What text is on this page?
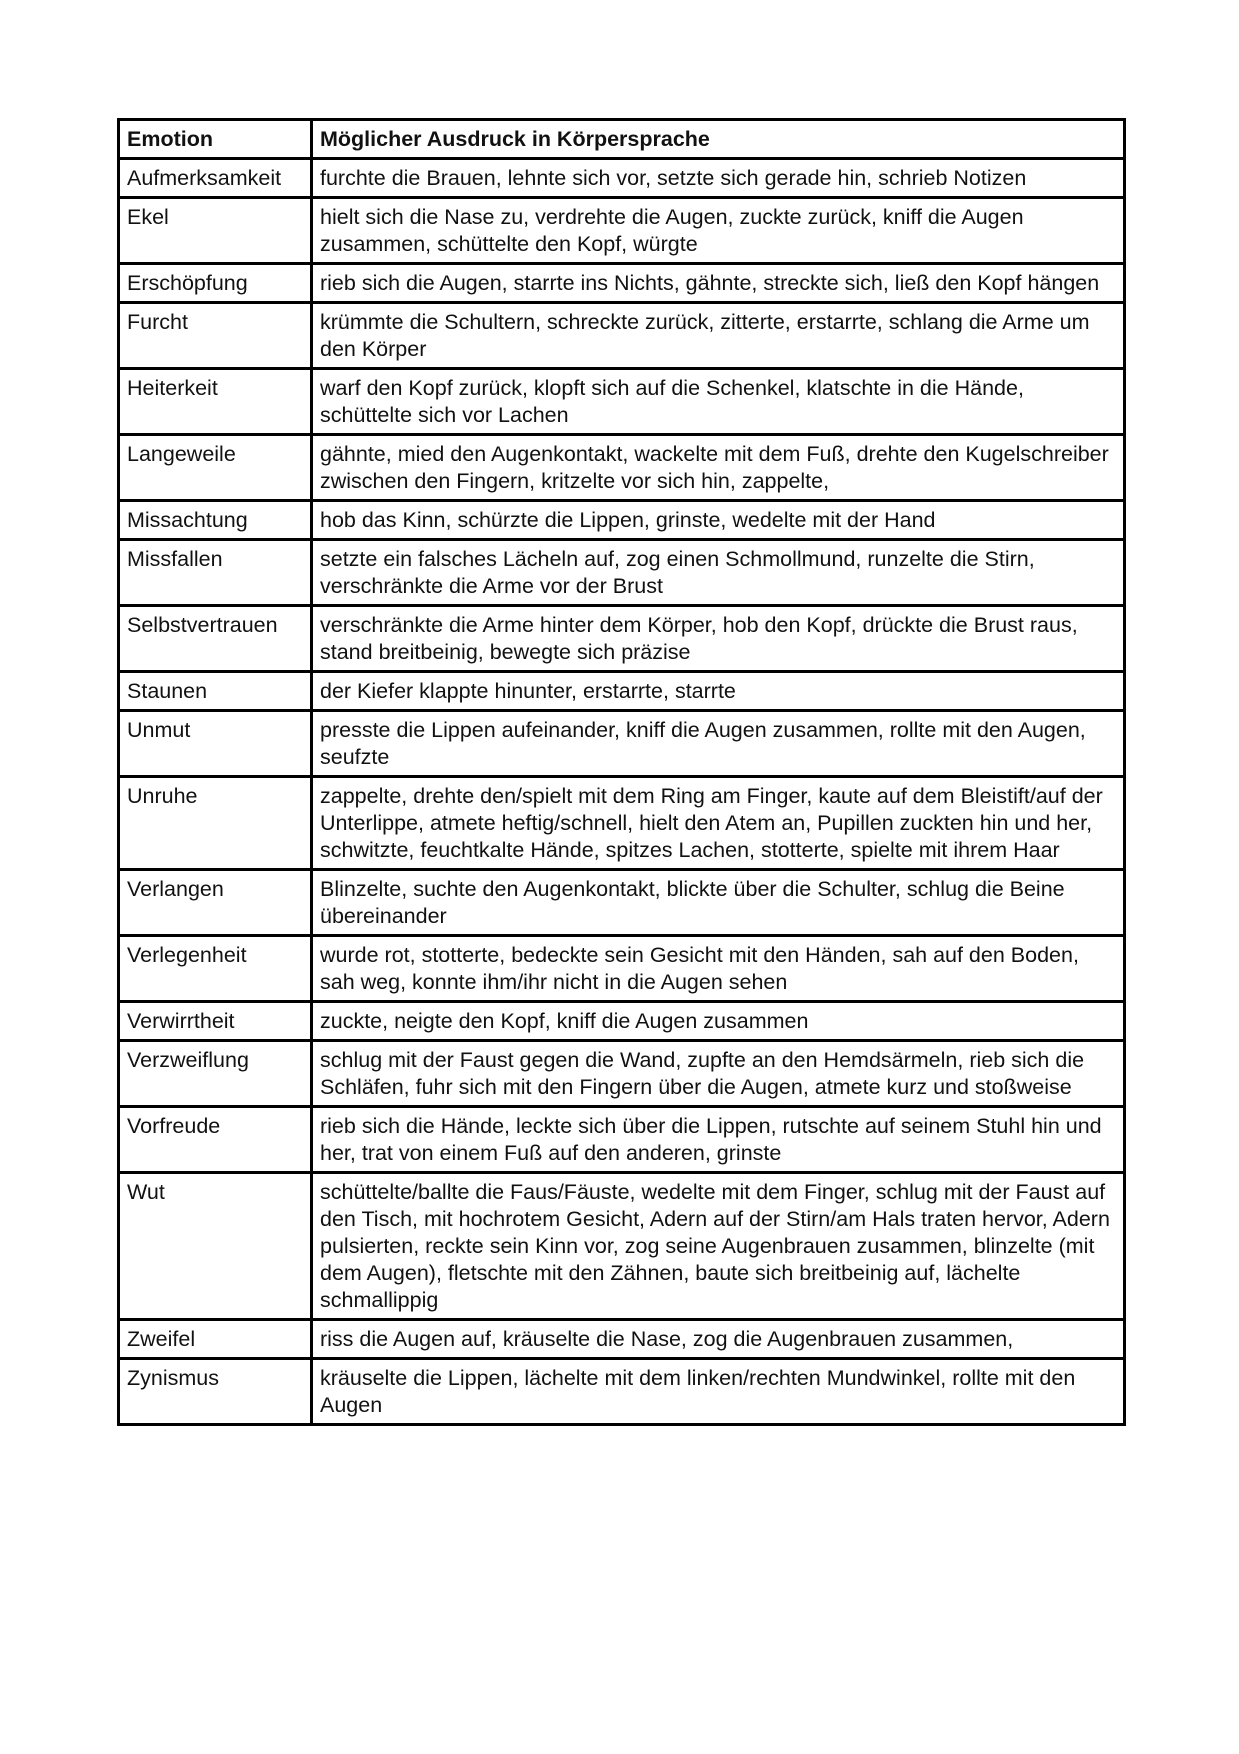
Emotion	Möglicher Ausdruck in Körpersprache
Aufmerksamkeit	furchte die Brauen, lehnte sich vor, setzte sich gerade hin, schrieb Notizen
Ekel	hielt sich die Nase zu, verdrehte die Augen, zuckte zurück, kniff die Augen zusammen, schüttelte den Kopf, würgte
Erschöpfung	rieb sich die Augen, starrte ins Nichts, gähnte, streckte sich, ließ den Kopf hängen
Furcht	krümmte die Schultern, schreckte zurück, zitterte, erstarrte, schlang die Arme um den Körper
Heiterkeit	warf den Kopf zurück, klopft sich auf die Schenkel, klatschte in die Hände, schüttelte sich vor Lachen
Langeweile	gähnte, mied den Augenkontakt, wackelte mit dem Fuß, drehte den Kugelschreiber zwischen den Fingern, kritzelte vor sich hin, zappelte,
Missachtung	hob das Kinn, schürzte die Lippen, grinste, wedelte mit der Hand
Missfallen	setzte ein falsches Lächeln auf, zog einen Schmollmund, runzelte die Stirn, verschränkte die Arme vor der Brust
Selbstvertrauen	verschränkte die Arme hinter dem Körper, hob den Kopf, drückte die Brust raus, stand breitbeinig, bewegte sich präzise
Staunen	der Kiefer klappte hinunter, erstarrte, starrte
Unmut	presste die Lippen aufeinander, kniff die Augen zusammen, rollte mit den Augen, seufzte
Unruhe	zappelte, drehte den/spielt mit dem Ring am Finger, kaute auf dem Bleistift/auf der Unterlippe, atmete heftig/schnell, hielt den Atem an, Pupillen zuckten hin und her, schwitzte, feuchtkalte Hände, spitzes Lachen, stotterte, spielte mit ihrem Haar
Verlangen	Blinzelte, suchte den Augenkontakt, blickte über die Schulter, schlug die Beine übereinander
Verlegenheit	wurde rot, stotterte, bedeckte sein Gesicht mit den Händen, sah auf den Boden, sah weg, konnte ihm/ihr nicht in die Augen sehen
Verwirrtheit	zuckte, neigte den Kopf, kniff die Augen zusammen
Verzweiflung	schlug mit der Faust gegen die Wand, zupfte an den Hemdsärmeln, rieb sich die Schläfen, fuhr sich mit den Fingern über die Augen, atmete kurz und stoßweise
Vorfreude	rieb sich die Hände, leckte sich über die Lippen, rutschte auf seinem Stuhl hin und her, trat von einem Fuß auf den anderen, grinste
Wut	schüttelte/ballte die Faus/Fäuste, wedelte mit dem Finger, schlug mit der Faust auf den Tisch, mit hochrotem Gesicht, Adern auf der Stirn/am Hals traten hervor, Adern pulsierten, reckte sein Kinn vor, zog seine Augenbrauen zusammen, blinzelte (mit dem Augen), fletschte mit den Zähnen, baute sich breitbeinig auf, lächelte schmallippig
Zweifel	riss die Augen auf, kräuselte die Nase, zog die Augenbrauen zusammen,
Zynismus	kräuselte die Lippen, lächelte mit dem linken/rechten Mundwinkel, rollte mit den Augen
